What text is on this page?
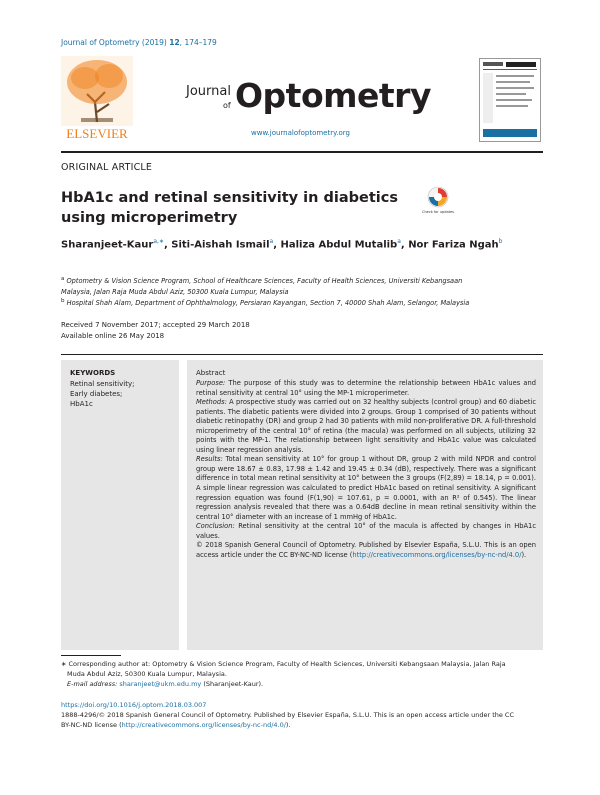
Journal of Optometry (2019) 12, 174–179
ELSEVIER
Journal
of Optometry
www.journalofoptometry.org
ORIGINAL ARTICLE
HbA1c and retinal sensitivity in diabetics using microperimetry	Check for updates
Sharanjeet-Kaur$^{a,∗}$, Siti-Aishah Ismail$^a$, Haliza Abdul Mutalib$^a$, Nor Fariza Ngah$^b$
$^a$ Optometry & Vision Science Program, School of Healthcare Sciences, Faculty of Health Sciences, Universiti Kebangsaan
Malaysia, Jalan Raja Muda Abdul Aziz, 50300 Kuala Lumpur, Malaysia
$^b$ Hospital Shah Alam, Department of Ophthalmology, Persiaran Kayangan, Section 7, 40000 Shah Alam, Selangor, Malaysia
Received 7 November 2017; accepted 29 March 2018
Available online 26 May 2018
KEYWORDS
Retinal sensitivity;
Early diabetes;
HbA1c
Abstract

Purpose: The purpose of this study was to determine the relationship between HbA1c values and retinal sensitivity at central 10° using the MP-1 microperimeter.

Methods: A prospective study was carried out on 32 healthy subjects (control group) and 60 diabetic patients. The diabetic patients were divided into 2 groups. Group 1 comprised of 30 patients without diabetic retinopathy (DR) and group 2 had 30 patients with mild non-proliferative DR. A full-threshold microperimetry of the central 10° of retina (the macula) was performed on all subjects, utilizing 32 points with the MP-1. The relationship between light sensitivity and HbA1c value was calculated using linear regression analysis.

Results: Total mean sensitivity at 10° for group 1 without DR, group 2 with mild NPDR and control group were 18.67 ± 0.83, 17.98 ± 1.42 and 19.45 ± 0.34 (dB), respectively. There was a significant difference in total mean retinal sensitivity at 10° between the 3 groups (F(2,89) = 18.14, p = 0.001). A simple linear regression was calculated to predict HbA1c based on retinal sensitivity. A significant regression equation was found (F(1,90) = 107.61, p = 0.0001, with an R² of 0.545). The linear regression analysis revealed that there was a 0.64dB decline in mean retinal sensitivity within the central 10° diameter with an increase of 1 mmHg of HbA1c.

Conclusion: Retinal sensitivity at the central 10° of the macula is affected by changes in HbA1c values.

© 2018 Spanish General Council of Optometry. Published by Elsevier España, S.L.U. This is an open access article under the CC BY-NC-ND license (http://creativecommons.org/licenses/by-nc-nd/4.0/).

∗ Corresponding author at: Optometry & Vision Science Program, Faculty of Health Sciences, Universiti Kebangsaan Malaysia, Jalan Raja
Muda Abdul Aziz, 50300 Kuala Lumpur, Malaysia.
E-mail address: sharanjeet@ukm.edu.my (Sharanjeet-Kaur).
https://doi.org/10.1016/j.optom.2018.03.007
1888-4296/© 2018 Spanish General Council of Optometry. Published by Elsevier España, S.L.U. This is an open access article under the CC
BY-NC-ND license (http://creativecommons.org/licenses/by-nc-nd/4.0/).
